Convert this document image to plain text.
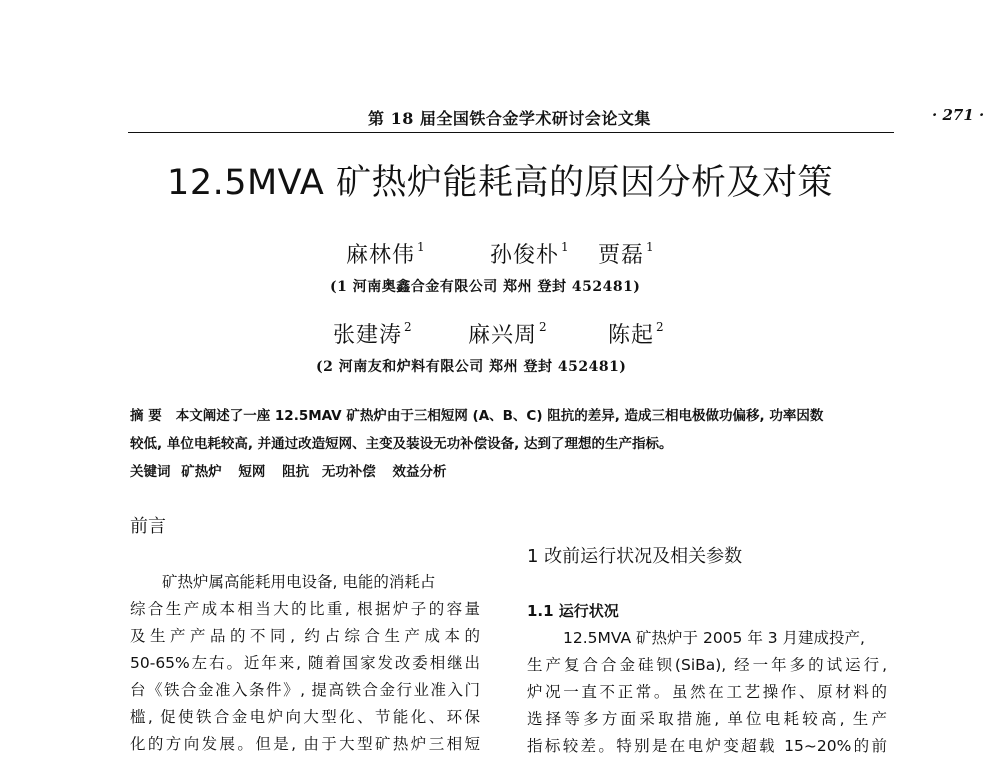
第 18 届全国铁合金学术研讨会论文集	· 271 ·
12.5MVA 矿热炉能耗高的原因分析及对策
麻林伟 $^1$	孙俊朴 $^1$ 贾磊 $^1$
(1 河南奥鑫合金有限公司 郑州 登封 452481)
张建涛 $^2$	麻兴周 $^2$	陈起 $^2$
(2 河南友和炉料有限公司 郑州 登封 452481)
摘 要 本文阐述了一座 12.5MAV 矿热炉由于三相短网 (A、B、C) 阻抗的差异, 造成三相电极做功偏移, 功率因数
较低, 单位电耗较高, 并通过改造短网、主变及装设无功补偿设备, 达到了理想的生产指标。
关键词 矿热炉 短网 阻抗 无功补偿 效益分析
前言
矿热炉属高能耗用电设备, 电能的消耗占
综合生产成本相当大的比重, 根据炉子的容量
及生产产品的不同, 约占综合生产成本的
50-65%左右。近年来, 随着国家发改委相继出
台《铁合金准入条件》, 提高铁合金行业准入门
槛, 促使铁合金电炉向大型化、节能化、环保
化的方向发展。但是, 由于大型矿热炉三相短
1 改前运行状况及相关参数
1.1 运行状况
12.5MVA 矿热炉于 2005 年 3 月建成投产,
生产复合合金硅钡(SiBa), 经一年多的试运行,
炉况一直不正常。虽然在工艺操作、原材料的
选择等多方面采取措施, 单位电耗较高, 生产
指标较差。特别是在电炉变超载 15~20%的前
